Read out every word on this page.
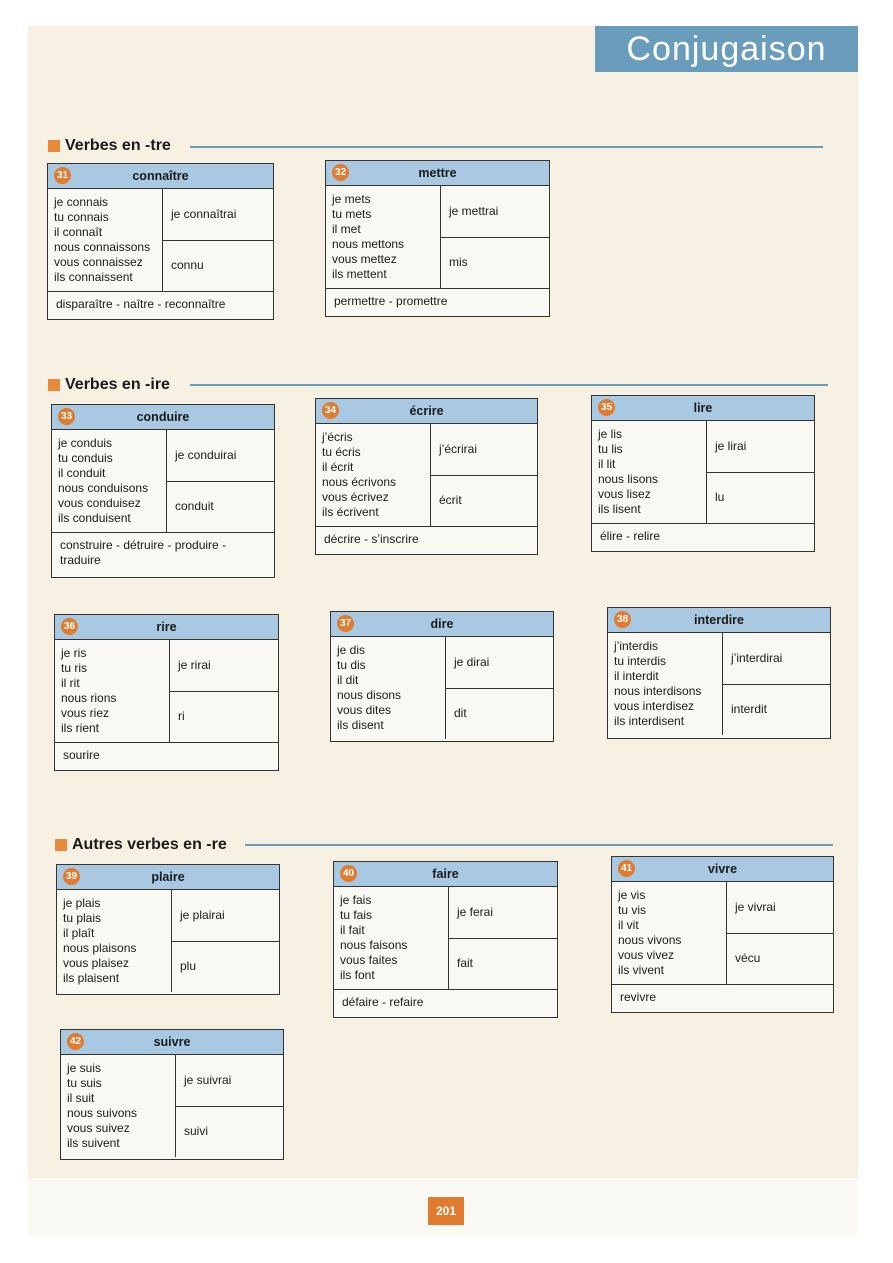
Conjugaison
Verbes en -tre
Verbes en -ire
Autres verbes en -re
31	connaître
je connais
tu connais
il connaît
nous connaissons
vous connaissez
ils connaissent
je connaîtrai
connu
disparaître - naître - reconnaître
32	mettre
je mets
tu mets
il met
nous mettons
vous mettez
ils mettent
je mettrai
mis
permettre - promettre
33	conduire
je conduis
tu conduis
il conduit
nous conduisons
vous conduisez
ils conduisent
je conduirai
conduit
construire - détruire - produire - traduire
34	écrire
j’écris
tu écris
il écrit
nous écrivons
vous écrivez
ils écrivent
j’écrirai
écrit
décrire - s’inscrire
35	lire
je lis
tu lis
il lit
nous lisons
vous lisez
ils lisent
je lirai
lu
élire - relire
36	rire
je ris
tu ris
il rit
nous rions
vous riez
ils rient
je rirai
ri
sourire
37	dire
je dis
tu dis
il dit
nous disons
vous dites
ils disent
je dirai
dit
38	interdire
j’interdis
tu interdis
il interdit
nous interdisons
vous interdisez
ils interdisent
j’interdirai
interdit
39	plaire
je plais
tu plais
il plaît
nous plaisons
vous plaisez
ils plaisent
je plairai
plu
40	faire
je fais
tu fais
il fait
nous faisons
vous faites
ils font
je ferai
fait
défaire - refaire
41	vivre
je vis
tu vis
il vit
nous vivons
vous vivez
ils vivent
je vivrai
vécu
revivre
42	suivre
je suis
tu suis
il suit
nous suivons
vous suivez
ils suivent
je suivrai
suivi
201
